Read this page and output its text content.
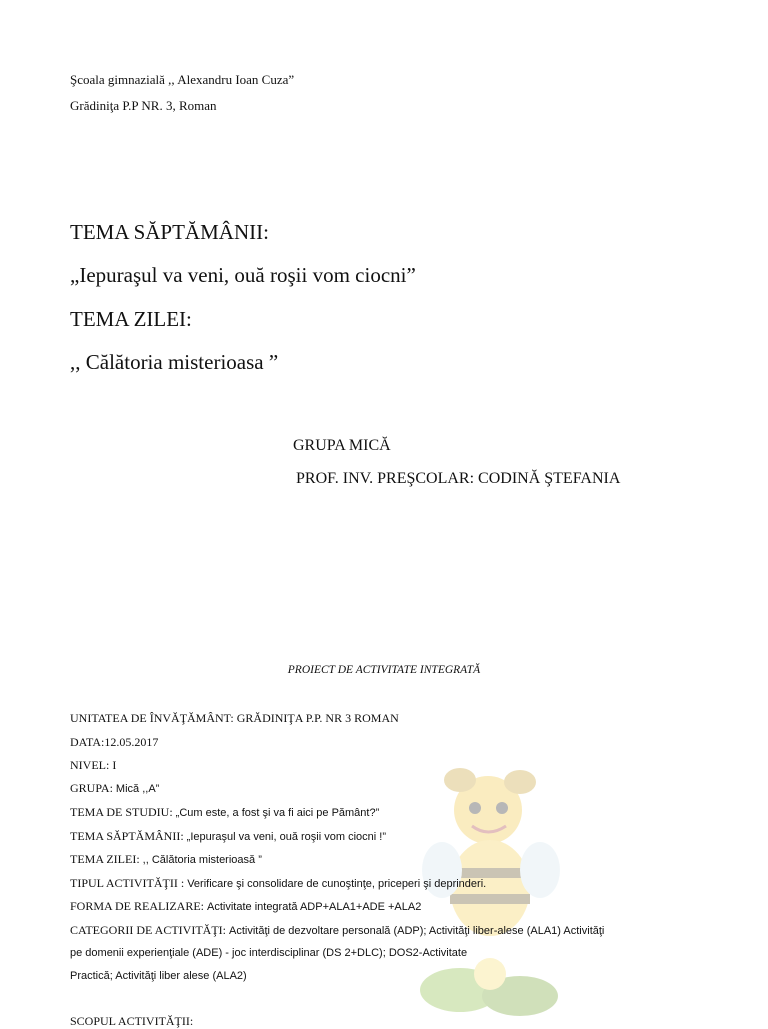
Şcoala gimnazială ,, Alexandru Ioan Cuza”
Grădiniţa P.P NR. 3, Roman
TEMA SĂPTĂMÂNII:
„Iepuraşul va veni, ouă roşii vom ciocni”
TEMA ZILEI:
,, Călătoria misterioasa ”
GRUPA MICĂ
PROF. INV. PREŞCOLAR: CODINĂ ŞTEFANIA
PROIECT DE ACTIVITATE INTEGRATĂ
UNITATEA DE ÎNVĂŢĂMÂNT: GRĂDINIŢA P.P. NR 3 ROMAN
DATA:12.05.2017
NIVEL: I
GRUPA: Mică ,,A”
TEMA DE STUDIU: „Cum este, a fost şi va fi aici pe Pământ?”
TEMA SĂPTĂMÂNII: „Iepuraşul va veni, ouă roşii vom ciocni !”
TEMA ZILEI: ,, Călătoria misterioasă ”
TIPUL ACTIVITĂŢII : Verificare şi consolidare de cunoştinţe, priceperi şi deprinderi.
FORMA DE REALIZARE: Activitate integrată ADP+ALA1+ADE +ALA2
CATEGORII DE ACTIVITĂŢI: Activităţi de dezvoltare personală (ADP); Activităţi liber-alese (ALA1) Activităţi
pe domenii experienţiale (ADE) - joc interdisciplinar (DS 2+DLC); DOS2-Activitate
Practică; Activităţi liber alese (ALA2)
SCOPUL ACTIVITĂŢII:
